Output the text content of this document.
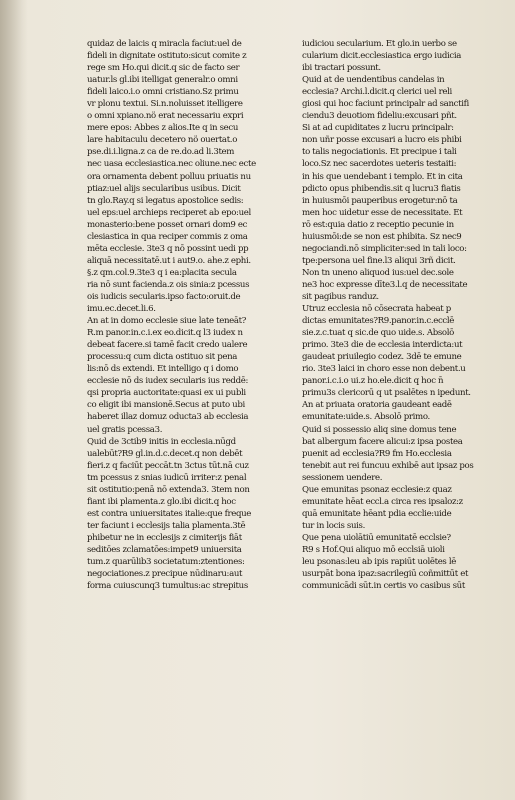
quidaz de laicis q miracla faciut:uel de
fideli in dignitate ostituto:sicut comite z
rege sm Ho.qui dicit.q sic de facto ser
uatur.ls gl.ibi itelligat generalr.o omni
fideli laico.i.o omni cristiano.Sz primu
vr plonu textui. Si.n.noluisset itelligere
o omni xpiano.nö erat necessariu expri
mere epos: Abbes z alios.Ite q in secu
lare habitaculu decetero nö ouertat.o
pse.di.i.ligna.z ca de re.do.ad li.3tem
nec uasa ecclesiastica.nec oliune.nec ecte
ora ornamenta debent polluu priuatis nu
ptiaz:uel alijs secularibus usibus. Dicit
tn glo.Ray.q si legatus apostolice sedis:
uel eps:uel archieps reciperet ab epo:uel
monasterio:bene posset ornari dom9 ec
clesiastica in qua reciper commis z oma
mēta ecclesie. 3te3 q nō possint uedi pp
aliquā necessitatē.ut i aut9.o. ahe.z ephi.
§.z qm.col.9.3te3 q i ea:placita secula
ria nō sunt facienda.z ois sinia:z pcessus
ois iudicis secularis.ipso facto:oruit.de
imu.ec.decet.li.6.
An at in domo ecclesie siue late teneāt?
R.m panor.in.c.i.ex eo.dicit.q l3 iudex n
debeat facere.si tamē facit credo ualere
processu:q cum dicta ostituo sit pena
lis:nō ds extendi. Et intelligo q i domo
ecclesie nō ds iudex secularis ius reddē:
qsi propria auctoritate:quasi ex ui publi
co eligit ibi mansionē.Secus at puto ubi
haberet illaz domuz oducta3 ab ecclesia
uel gratis pcessa3.
Quid de 3ctib9 initis in ecclesia.nūgd
ualebūt?R9 gl.in.d.c.decet.q non debēt
fieri.z q faciūt peccāt.tn 3ctus tūt.nā cuz
tm pcessus z snias iudicū irriter:z penal
sit ostitutio:penā nō extenda3. 3tem non
fiant ibi plamenta.z glo.ibi dicit.q hoc
est contra uniuersitates italie:que freque
ter faciunt i ecclesijs talia plamenta.3tē
phibetur ne in ecclesijs z cimiterijs fiāt
seditōes zclamatōes:impet9 uniuersita
tum.z quarūlib3 societatum:ztentiones:
negociationes.z precipue nūdinaru:aut
forma cuiuscunq3 tumultus:ac strepitus
iudiciou secularium. Et glo.in uerbo se
cularium dicit.ecclesiastica ergo iudicia
ibi tractari possunt.
Quid at de uendentibus candelas in
ecclesia? Archi.l.dicit.q clerici uel reli
giosi qui hoc faciunt principalr ad sanctifi
ciendu3 deuotiom fideliu:excusari pñt.
Si at ad cupiditates z lucru principalr:
non uñr posse excusari a lucro eis phibi
to talis negociationis. Et precipue i tali
loco.Sz nec sacerdotes ueteris testaiti:
in his que uendebant i templo. Et in cita
pdicto opus phibendis.sit q lucru3 fiatis
in huiusmōi pauperibus erogetur:nō ta
men hoc uidetur esse de necessitate. Et
rō est:quia datio z receptio pecunie in
huiusmōi:de se non est phibita. Sz nec9
negociandi.nō simpliciter:sed in tali loco:
tpe:persona uel fine.l3 aliqui 3rñ dicit.
Non tn uneno aliquod ius:uel dec.sole
ne3 hoc expresse dīte3.l.q de necessitate
sit pagibus randuz.
Utruz ecclesia nō cōsecrata habeat p
dictas emunitates?R9.panor.in.c.ecclē
sie.z.c.tuat q sic.de quo uide.s. Absolō
primo. 3te3 die de ecclesia interdicta:ut
gaudeat priuilegio codez. 3dē te emune
rio. 3te3 laici in choro esse non debent.u
panor.i.c.i.o ui.z ho.ele.dicit q hoc n̄
primu3s clericorū q ut psalētes n ipedunt.
An at priuata oratoria gaudeant eadē
emunitate:uide.s. Absolō primo.
Quid si possessio aliq sine domus tene
bat albergum facere alicui:z ipsa postea
puenit ad ecclesia?R9 fm Ho.ecclesia
tenebit aut rei funcuu exhibē aut ipsaz pos
sessionem uendere.
Que emunitas psonaz ecclesie:z quaz
emunitate hēat eccl.a circa res ipsaloz:z
quā emunitate hēant pdia ecclie:uide
tur in locis suis.
Que pena uiolātiū emunitatē ecclsie?
R9 s Hof.Qui aliquo mō ecclsiā uioli
leu psonas:leu ab ipis rapiūt uolētes lē
usurpāt bona ipaz:sacrilegiū coñmittūt et
communicādi sūt.in certis vo casibus sūt
